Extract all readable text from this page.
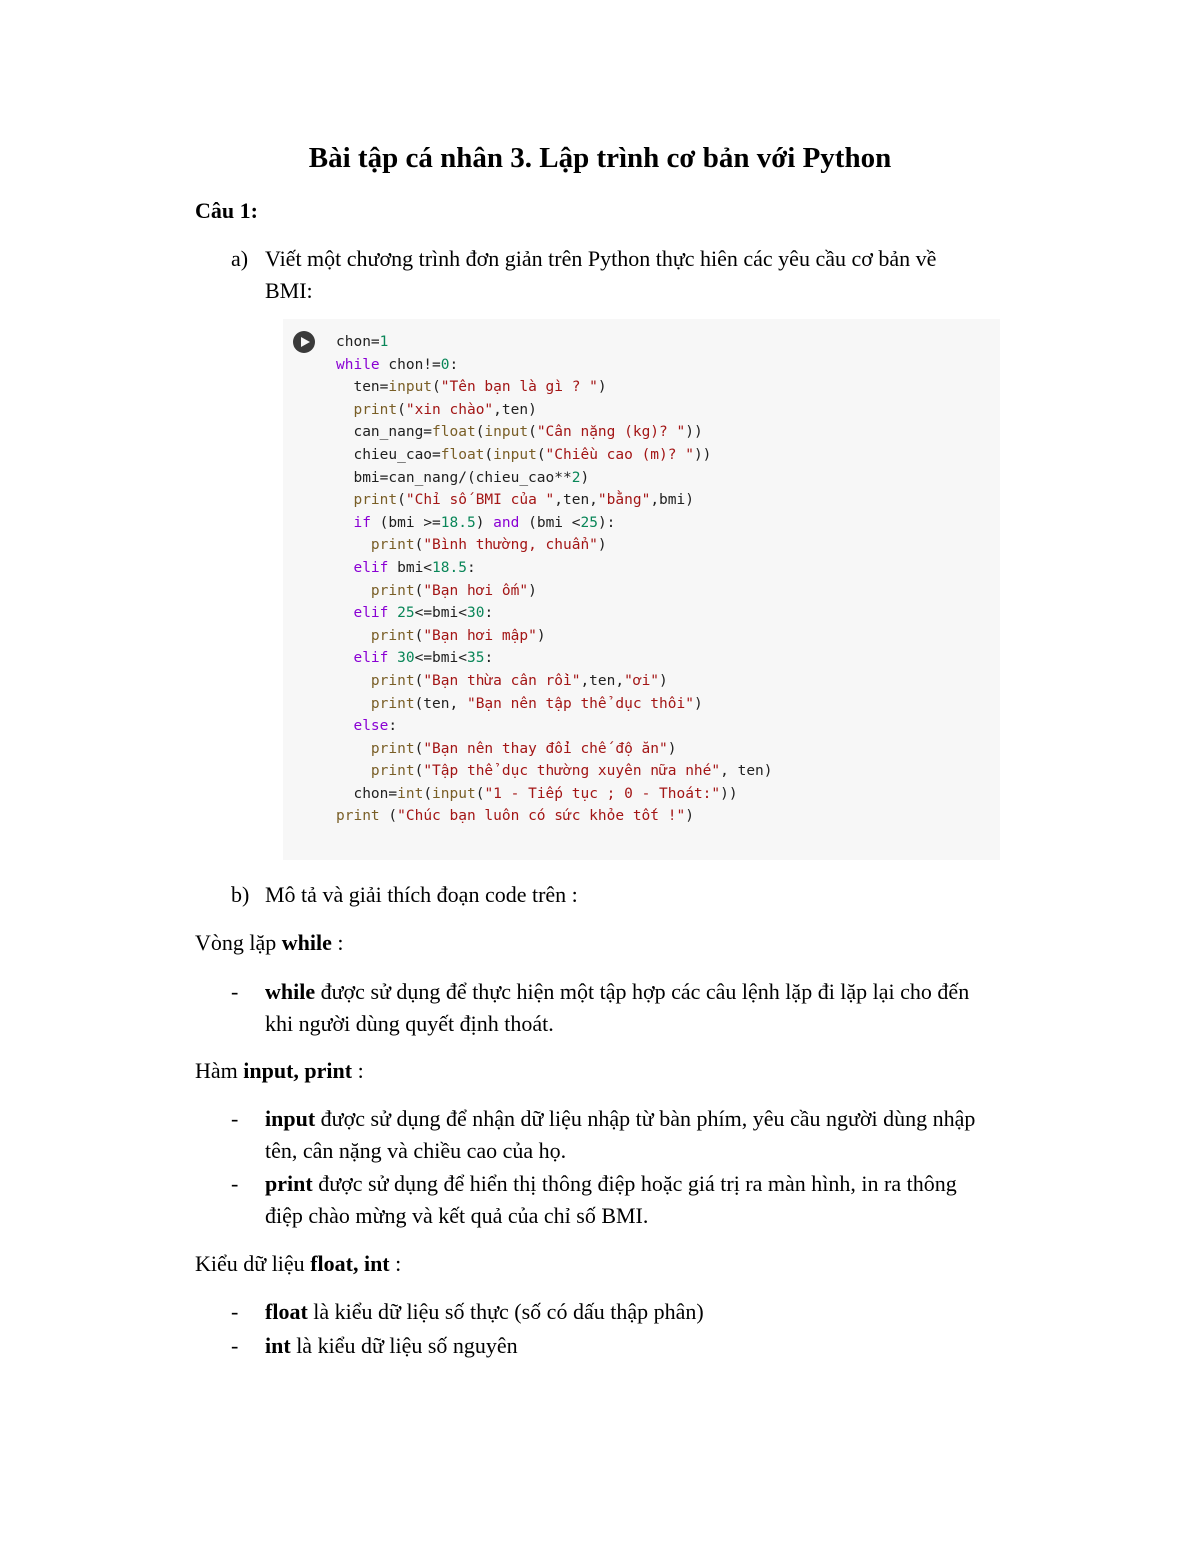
Bài tập cá nhân 3. Lập trình cơ bản với Python
Câu 1:
a) Viết một chương trình đơn giản trên Python thực hiên các yêu cầu cơ bản về
BMI:
chon=1
while chon!=0:
ten=input("Tên bạn là gì ? ")
print("xin chào",ten)
can_nang=float(input("Cân nặng (kg)? "))
chieu_cao=float(input("Chiều cao (m)? "))
bmi=can_nang/(chieu_cao**2)
print("Chỉ số BMI của ",ten,"bằng",bmi)
if (bmi >=18.5) and (bmi <25):
print("Bình thường, chuẩn")
elif bmi<18.5:
print("Bạn hơi ốm")
elif 25<=bmi<30:
print("Bạn hơi mập")
elif 30<=bmi<35:
print("Bạn thừa cân rồi",ten,"ơi")
print(ten, "Bạn nên tập thể dục thôi")
else:
print("Bạn nên thay đổi chế độ ăn")
print("Tập thể dục thường xuyên nữa nhé", ten)
chon=int(input("1 - Tiếp tục ; 0 - Thoát:"))
print ("Chúc bạn luôn có sức khỏe tốt !")
b) Mô tả và giải thích đoạn code trên :
Vòng lặp while :
- while được sử dụng để thực hiện một tập hợp các câu lệnh lặp đi lặp lại cho đến
khi người dùng quyết định thoát.
Hàm input, print :
- input được sử dụng để nhận dữ liệu nhập từ bàn phím, yêu cầu người dùng nhập
tên, cân nặng và chiều cao của họ.
- print được sử dụng để hiển thị thông điệp hoặc giá trị ra màn hình, in ra thông
điệp chào mừng và kết quả của chỉ số BMI.
Kiểu dữ liệu float, int :
- float là kiểu dữ liệu số thực (số có dấu thập phân)
- int là kiểu dữ liệu số nguyên
